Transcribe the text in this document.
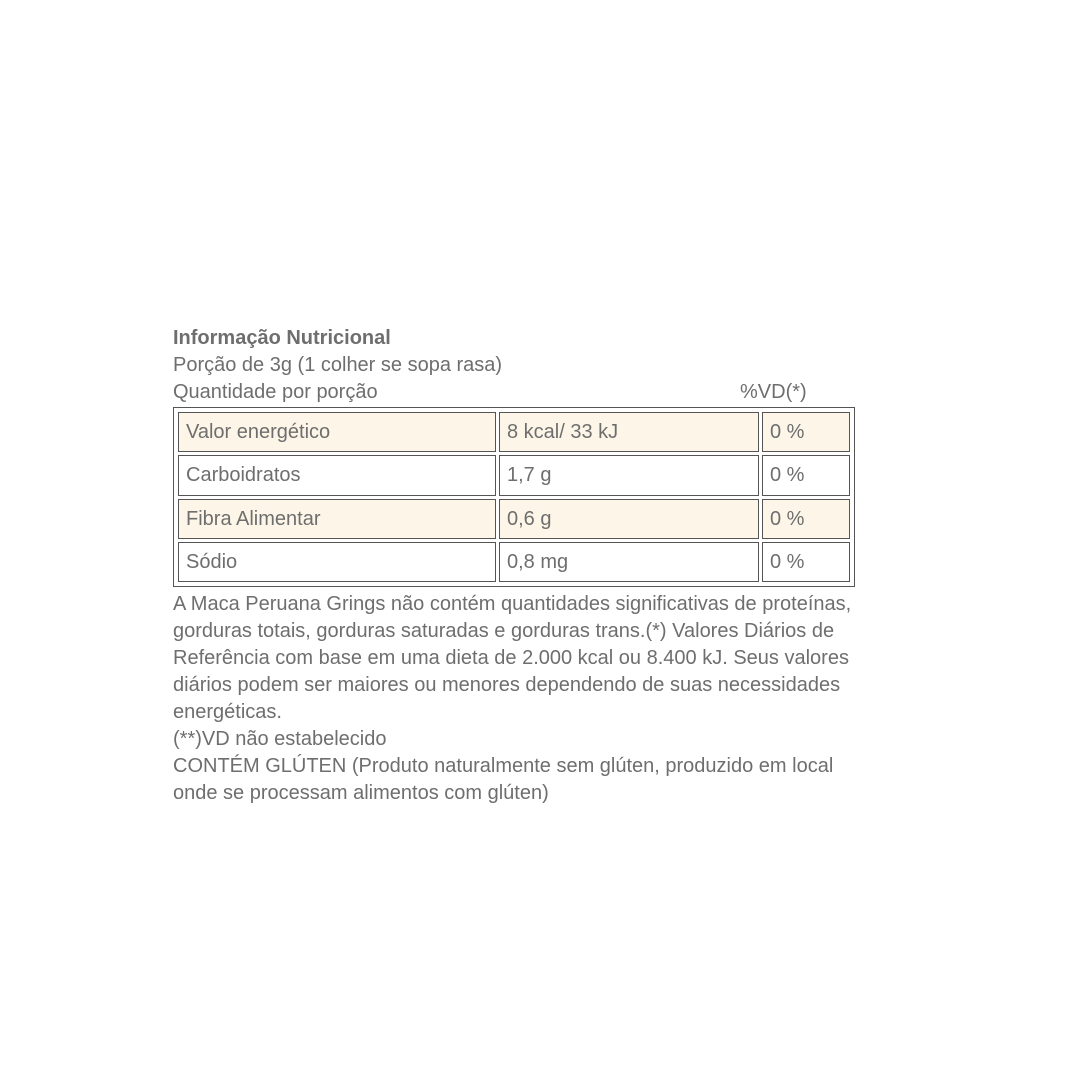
Informação Nutricional

Porção de 3g (1 colher se sopa rasa)

Quantidade por porção	%VD(*)
Valor energético	8 kcal/ 33 kJ	0 %
Carboidratos	1,7 g	0 %
Fibra Alimentar	0,6 g	0 %
Sódio	0,8 mg	0 %

A Maca Peruana Grings não contém quantidades significativas de proteínas, gorduras totais, gorduras saturadas e gorduras trans.(*) Valores Diários de Referência com base em uma dieta de 2.000 kcal ou 8.400 kJ. Seus valores diários podem ser maiores ou menores dependendo de suas necessidades energéticas.

(**)VD não estabelecido

CONTÉM GLÚTEN (Produto naturalmente sem glúten, produzido em local onde se processam alimentos com glúten)
